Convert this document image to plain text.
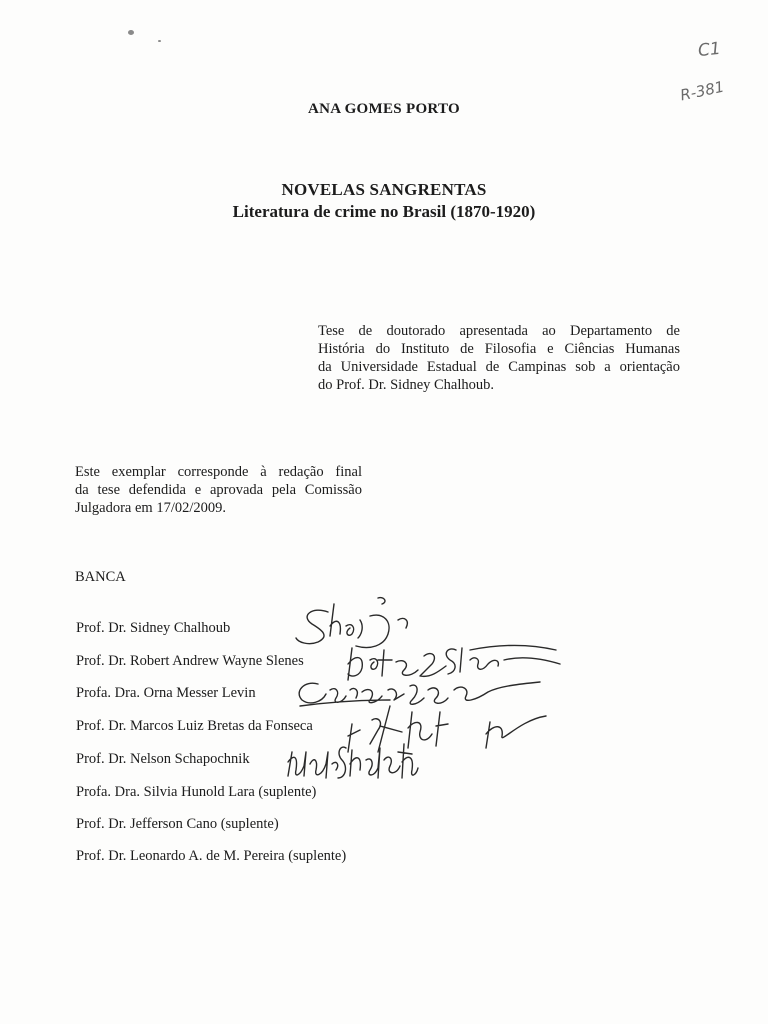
C1
R-381
ANA GOMES PORTO
NOVELAS SANGRENTAS
Literatura de crime no Brasil (1870-1920)
Tese de doutorado apresentada ao Departamento de
História do Instituto de Filosofia e Ciências Humanas
da Universidade Estadual de Campinas sob a orientação
do Prof. Dr. Sidney Chalhoub.
Este exemplar corresponde à redação final
da tese defendida e aprovada pela Comissão
Julgadora em 17/02/2009.
BANCA
Prof. Dr. Sidney Chalhoub
Prof. Dr. Robert Andrew Wayne Slenes
Profa. Dra. Orna Messer Levin
Prof. Dr. Marcos Luiz Bretas da Fonseca
Prof. Dr. Nelson Schapochnik
Profa. Dra. Silvia Hunold Lara (suplente)
Prof. Dr. Jefferson Cano (suplente)
Prof. Dr. Leonardo A. de M. Pereira (suplente)
